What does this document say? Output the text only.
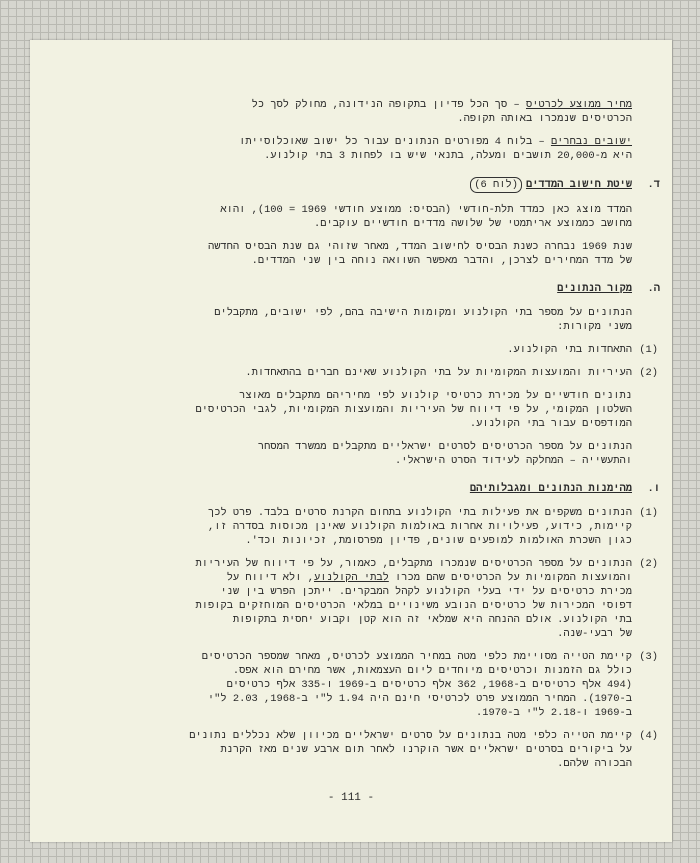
מחיר ממוצע לכרטיס – סך הכל פדיון בתקופה הנידונה, מחולק לסך כל

הכרטיסים שנמכרו באותה תקופה.

ישובים נבחרים – בלוח 4 מפורטים הנתונים עבור כל ישוב שאוכלוסייתו

היא מ-20,000 תושבים ומעלה, בתנאי שיש בו לפחות 3 בתי קולנוע.

ד.
שיטת חישוב המדדים
(לוח 6)

המדד מוצג כאן כמדד תלת-חודשי (הבסיס: ממוצע חודשי 1969 = 100), והוא

מחושב כממוצע אריתמטי של שלושה מדדים חודשיים עוקבים.

שנת 1969 נבחרה כשנת הבסיס לחישוב המדד, מאחר שזוהי גם שנת הבסיס החדשה

של מדד המחירים לצרכן, והדבר מאפשר השוואה נוחה בין שני המדדים.

ה.
מקור הנתונים

הנתונים על מספר בתי הקולנוע ומקומות הישיבה בהם, לפי ישובים, מתקבלים

משני מקורות:

(1)

התאחדות בתי הקולנוע.

(2)

העיריות והמועצות המקומיות על בתי הקולנוע שאינם חברים בהתאחדות.

נתונים חודשיים על מכירת כרטיסי קולנוע לפי מחיריהם מתקבלים מאוצר

השלטון המקומי, על פי דיווח של העיריות והמועצות המקומיות, לגבי הכרטיסים

המודפסים עבור בתי הקולנוע.

הנתונים על מספר הכרטיסים לסרטים ישראליים מתקבלים ממשרד המסחר

והתעשייה – המחלקה לעידוד הסרט הישראלי.

ו.
מהימנות הנתונים ומגבלותיהם
(1)

הנתונים משקפים את פעילות בתי הקולנוע בתחום הקרנת סרטים בלבד. פרט לכך

קיימות, כידוע, פעילויות אחרות באולמות הקולנוע שאינן מכוסות בסדרה זו,

כגון השכרת האולמות למופעים שונים, פדיון מפרסומת, זכיונות וכד'.

(2)

הנתונים על מספר הכרטיסים שנמכרו מתקבלים, כאמור, על פי דיווח של העיריות

והמועצות המקומיות על הכרטיסים שהם מכרו לבתי הקולנוע, ולא דיווח על

מכירת כרטיסים על ידי בעלי הקולנוע לקהל המבקרים. ייתכן הפרש בין שני

דפוסי המכירות של כרטיסים הנובע משינויים במלאי הכרטיסים המוחזקים בקופות

בתי הקולנוע. אולם ההנחה היא שמלאי זה הוא קטן וקבוע יחסית בתקופות

של רבעי-שנה.

(3)

קיימת הטייה מסויימת כלפי מטה במחיר הממוצע לכרטיס, מאחר שמספר הכרטיסים

כולל גם הזמנות וכרטיסים מיוחדים ליום העצמאות, אשר מחירם הוא אפס.

(494 אלף כרטיסים ב-1968, 362 אלף כרטיסים ב-1969 ו-335 אלף כרטיסים

ב-1970). המחיר הממוצע פרט לכרטיסי חינם היה 1.94 ל"י ב-1968, 2.03 ל"י

ב-1969 ו-2.18 ל"י ב-1970.

(4)

קיימת הטייה כלפי מטה בנתונים על סרטים ישראליים מכיוון שלא נכללים נתונים

על ביקורים בסרטים ישראליים אשר הוקרנו לאחר תום ארבע שנים מאז הקרנת

הבכורה שלהם.

- 111 -
